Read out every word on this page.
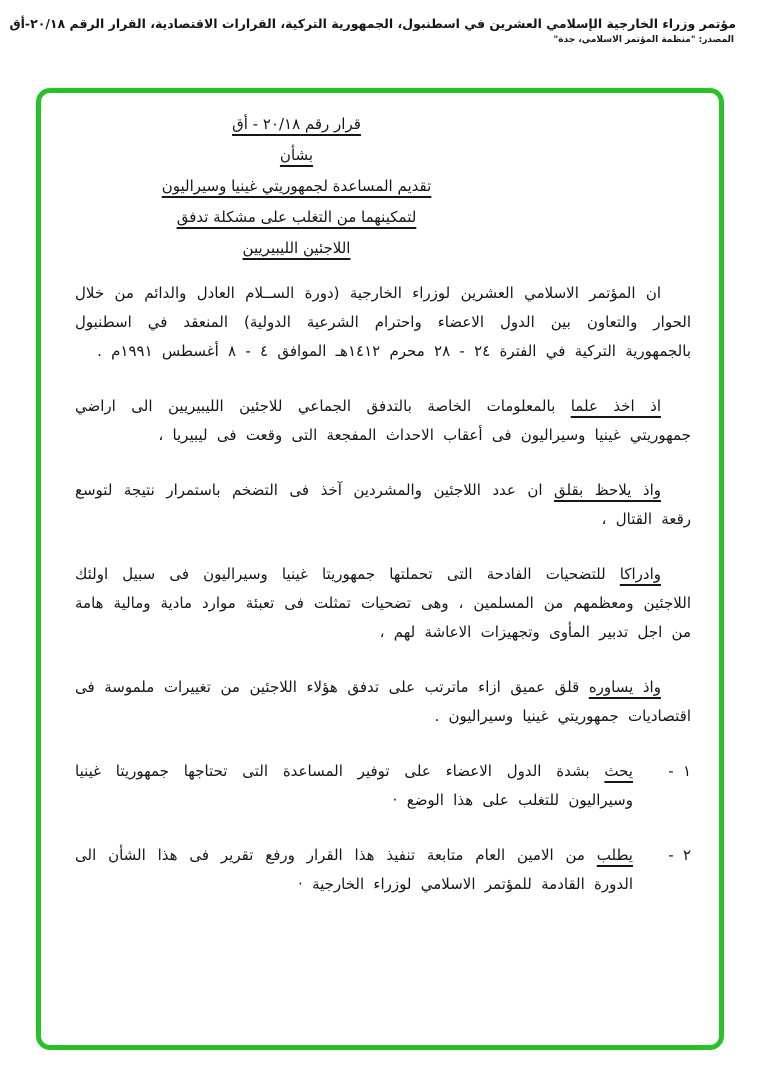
مؤتمر وزراء الخارجية الإسلامي العشرين في اسطنبول، الجمهورية التركية، القرارات الاقتصادية، القرار الرقم ٢٠/١٨-أق
المصدر: "منظمة المؤتمر الاسلامي، جدة"
قرار رقم ٢٠/١٨ - أق
بشأن
تقديم المساعدة لجمهوريتي غينيا وسيراليون
لتمكينهما من التغلب على مشكلة تدفق
اللاجئين الليبيريين
ان المؤتمر الاسلامي العشرين لوزراء الخارجية (دورة الســلام العادل والدائم من خلال الحوار والتعاون بين الدول الاعضاء واحترام الشرعية الدولية) المنعقد في اسطنبول بالجمهورية التركية في الفترة ٢٤ - ٢٨ محرم ١٤١٢هـ الموافق ٤ - ٨ أغسطس ١٩٩١م .
اذ اخذ علما بالمعلومات الخاصة بالتدفق الجماعي للاجئين الليبيريين الى اراضي جمهوريتي غينيا وسيراليون فى أعقاب الاحداث المفجعة التى وقعت فى ليبيريا ،
واذ يلاحظ بقلق ان عدد اللاجئين والمشردين آخذ فى التضخم باستمرار نتيجة لتوسع رقعة القتال ،
وادراكا للتضحيات الفادحة التى تحملتها جمهوريتا غينيا وسيراليون فى سبيل اولئك اللاجئين ومعظمهم من المسلمين ، وهى تضحيات تمثلت فى تعبئة موارد مادية ومالية هامة من اجل تدبير المأوى وتجهيزات الاعاشة لهم ،
واذ يساوره قلق عميق ازاء ماترتب على تدفق هؤلاء اللاجئين من تغييرات ملموسة فى اقتصاديات جمهوريتي غينيا وسيراليون .
١ -
يحث بشدة الدول الاعضاء على توفير المساعدة التى تحتاجها جمهوريتا غينيا وسيراليون للتغلب على هذا الوضع ·
٢ -
يطلب من الامين العام متابعة تنفيذ هذا القرار ورفع تقرير فى هذا الشأن الى الدورة القادمة للمؤتمر الاسلامي لوزراء الخارجية ·
